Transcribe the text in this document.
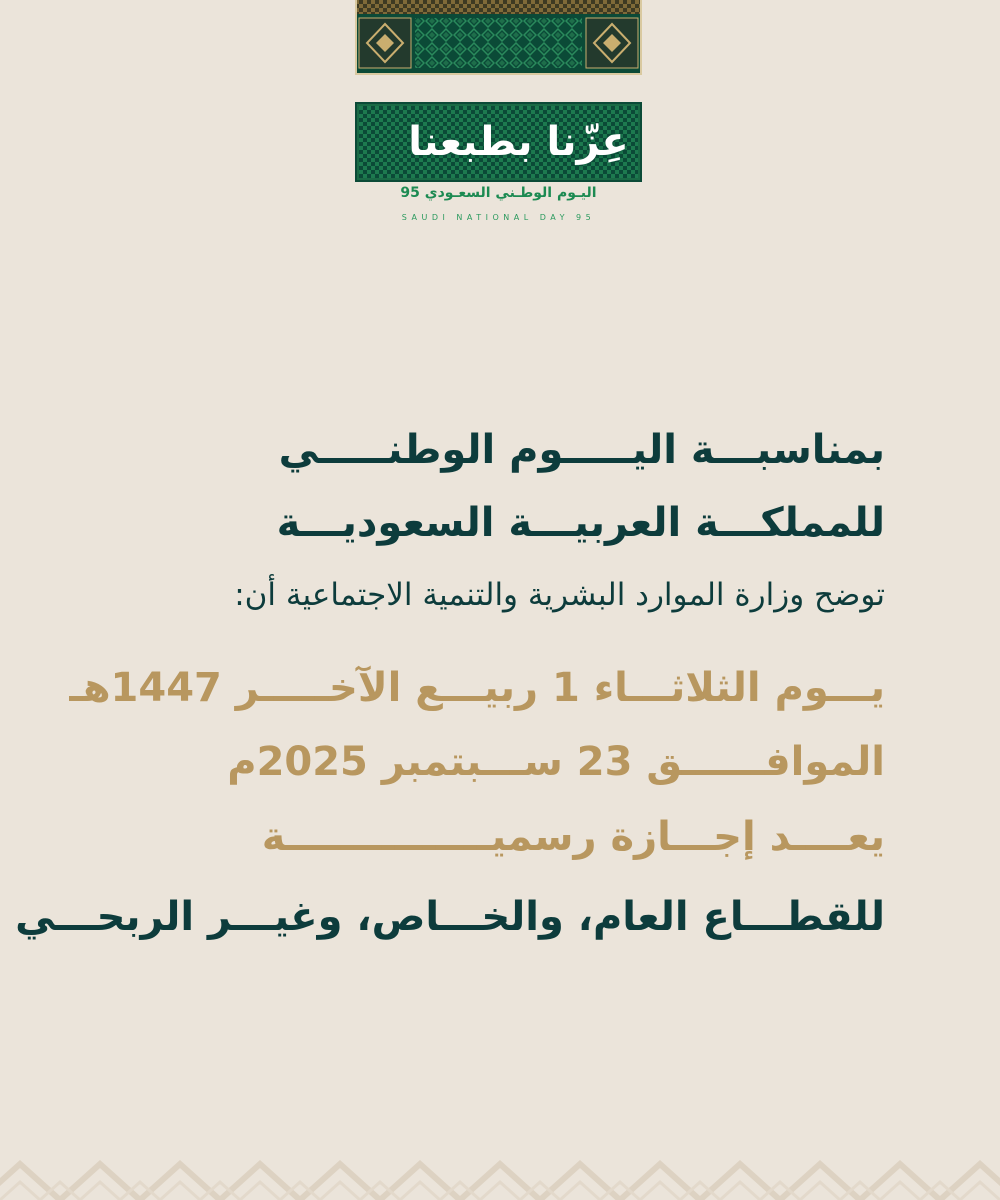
عِزّنا بطبعنا
اليـوم الوطـني السعـودي 95
SAUDI NATIONAL DAY 95
بمناسبـــة اليـــــوم الوطنـــــي
للمملكـــة العربيـــة السعوديـــة
توضح وزارة الموارد البشرية والتنمية الاجتماعية أن:
يـــوم الثلاثـــاء 1 ربيـــع الآخـــــر 1447هـ
الموافــــــق 23 ســـبتمبر 2025م
يعــــد إجـــازة رسميـــــــــــــــة
للقطـــاع العام، والخـــاص، وغيـــر الربحـــي
